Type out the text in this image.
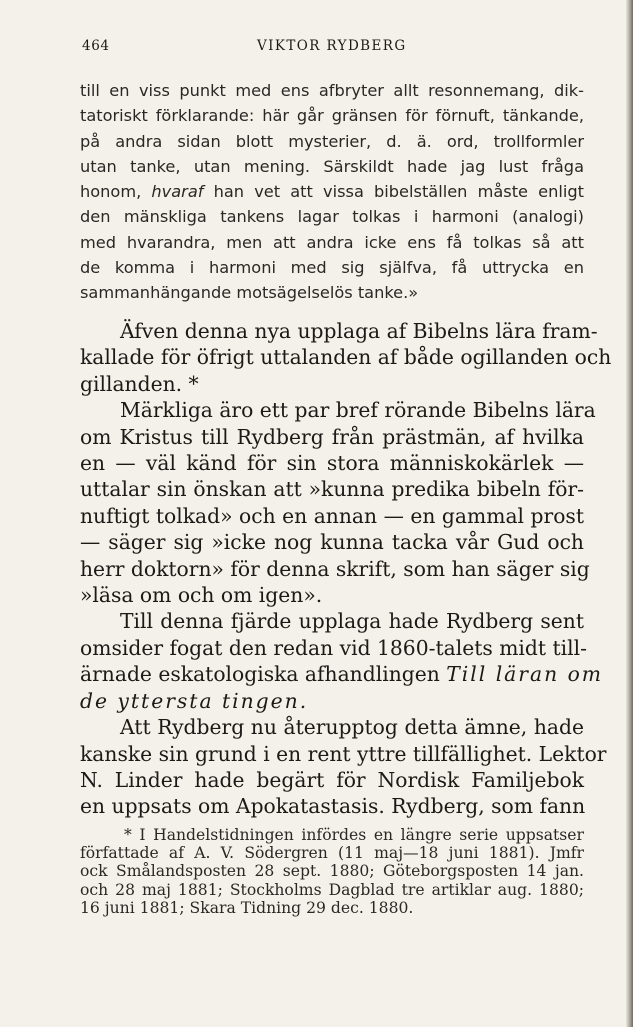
464	VIKTOR RYDBERG
till en viss punkt med ens afbryter allt resonnemang, dik-
tatoriskt förklarande: här går gränsen för förnuft, tänkande,
på andra sidan blott mysterier, d. ä. ord, trollformler
utan tanke, utan mening. Särskildt hade jag lust fråga
honom, hvaraf han vet att vissa bibelställen måste enligt
den mänskliga tankens lagar tolkas i harmoni (analogi)
med hvarandra, men att andra icke ens få tolkas så att
de komma i harmoni med sig själfva, få uttrycka en
sammanhängande motsägelselös tanke.»
Äfven denna nya upplaga af Bibelns lära fram-
kallade för öfrigt uttalanden af både ogillanden och
gillanden. *
Märkliga äro ett par bref rörande Bibelns lära
om Kristus till Rydberg från prästmän, af hvilka
en — väl känd för sin stora människokärlek —
uttalar sin önskan att »kunna predika bibeln för-
nuftigt tolkad» och en annan — en gammal prost
— säger sig »icke nog kunna tacka vår Gud och
herr doktorn» för denna skrift, som han säger sig
»läsa om och om igen».
Till denna fjärde upplaga hade Rydberg sent
omsider fogat den redan vid 1860-talets midt till-
ärnade eskatologiska afhandlingen Till läran om
de yttersta tingen.
Att Rydberg nu återupptog detta ämne, hade
kanske sin grund i en rent yttre tillfällighet. Lektor
N. Linder hade begärt för Nordisk Familjebok
en uppsats om Apokatastasis. Rydberg, som fann
* I Handelstidningen infördes en längre serie uppsatser
författade af A. V. Södergren (11 maj—18 juni 1881). Jmfr
ock Smålandsposten 28 sept. 1880; Göteborgsposten 14 jan.
och 28 maj 1881; Stockholms Dagblad tre artiklar aug. 1880;
16 juni 1881; Skara Tidning 29 dec. 1880.
